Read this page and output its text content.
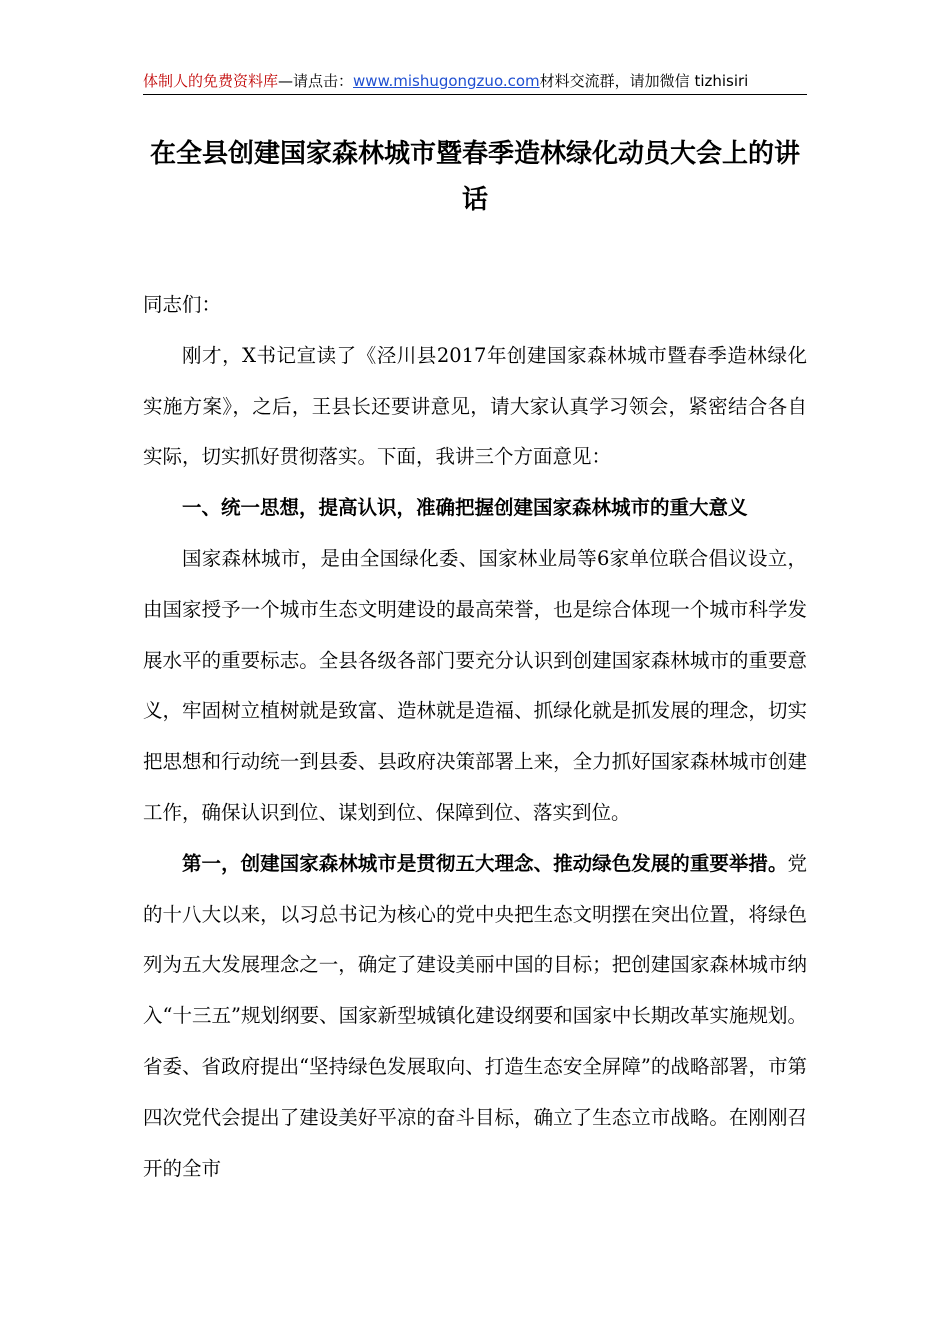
体制人的免费资料库—请点击：www.mishugongzuo.com材料交流群，请加微信 tizhisiri
在全县创建国家森林城市暨春季造林绿化动员大会上的讲话

同志们：

刚才，X书记宣读了《泾川县2017年创建国家森林城市暨春季造林绿化实施方案》，之后，王县长还要讲意见，请大家认真学习领会，紧密结合各自实际，切实抓好贯彻落实。下面，我讲三个方面意见：

一、统一思想，提高认识，准确把握创建国家森林城市的重大意义

国家森林城市，是由全国绿化委、国家林业局等6家单位联合倡议设立，由国家授予一个城市生态文明建设的最高荣誉，也是综合体现一个城市科学发展水平的重要标志。全县各级各部门要充分认识到创建国家森林城市的重要意义，牢固树立植树就是致富、造林就是造福、抓绿化就是抓发展的理念，切实把思想和行动统一到县委、县政府决策部署上来，全力抓好国家森林城市创建工作，确保认识到位、谋划到位、保障到位、落实到位。

第一，创建国家森林城市是贯彻五大理念、推动绿色发展的重要举措。党的十八大以来，以习总书记为核心的党中央把生态文明摆在突出位置，将绿色列为五大发展理念之一，确定了建设美丽中国的目标；把创建国家森林城市纳入“十三五”规划纲要、国家新型城镇化建设纲要和国家中长期改革实施规划。省委、省政府提出“坚持绿色发展取向、打造生态安全屏障”的战略部署，市第四次党代会提出了建设美好平凉的奋斗目标，确立了生态立市战略。在刚刚召开的全市
